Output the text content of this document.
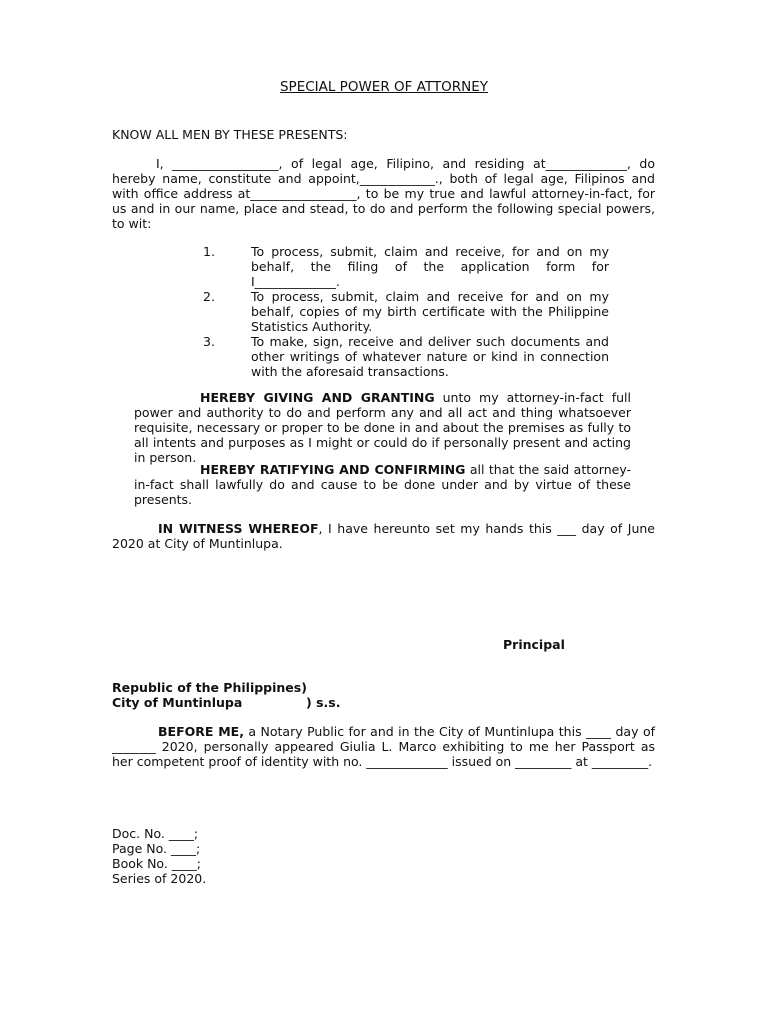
SPECIAL POWER OF ATTORNEY
KNOW ALL MEN BY THESE PRESENTS:
I, _________________, of legal age, Filipino, and residing at_____________, do hereby name, constitute and appoint,____________., both of legal age, Filipinos and with office address at_________________, to be my true and lawful attorney-in-fact, for us and in our name, place and stead, to do and perform the following special powers, to wit:
1.	To process, submit, claim and receive, for and on my behalf, the filing of the application form for I_____________.
2.	To process, submit, claim and receive for and on my behalf, copies of my birth certificate with the Philippine Statistics Authority.
3.	To make, sign, receive and deliver such documents and other writings of whatever nature or kind in connection with the aforesaid transactions.
HEREBY GIVING AND GRANTING unto my attorney-in-fact full power and authority to do and perform any and all act and thing whatsoever requisite, necessary or proper to be done in and about the premises as fully to all intents and purposes as I might or could do if personally present and acting in person.
HEREBY RATIFYING AND CONFIRMING all that the said attorney-in-fact shall lawfully do and cause to be done under and by virtue of these presents.
IN WITNESS WHEREOF, I have hereunto set my hands this ___ day of June 2020 at City of Muntinlupa.
Principal
Republic of the Philippines)
City of Muntinlupa	) s.s.
BEFORE ME, a Notary Public for and in the City of Muntinlupa this ____ day of _______ 2020, personally appeared Giulia L. Marco exhibiting to me her Passport as her competent proof of identity with no. _____________ issued on _________ at _________.
Doc. No. ____;
Page No. ____;
Book No. ____;
Series of 2020.
